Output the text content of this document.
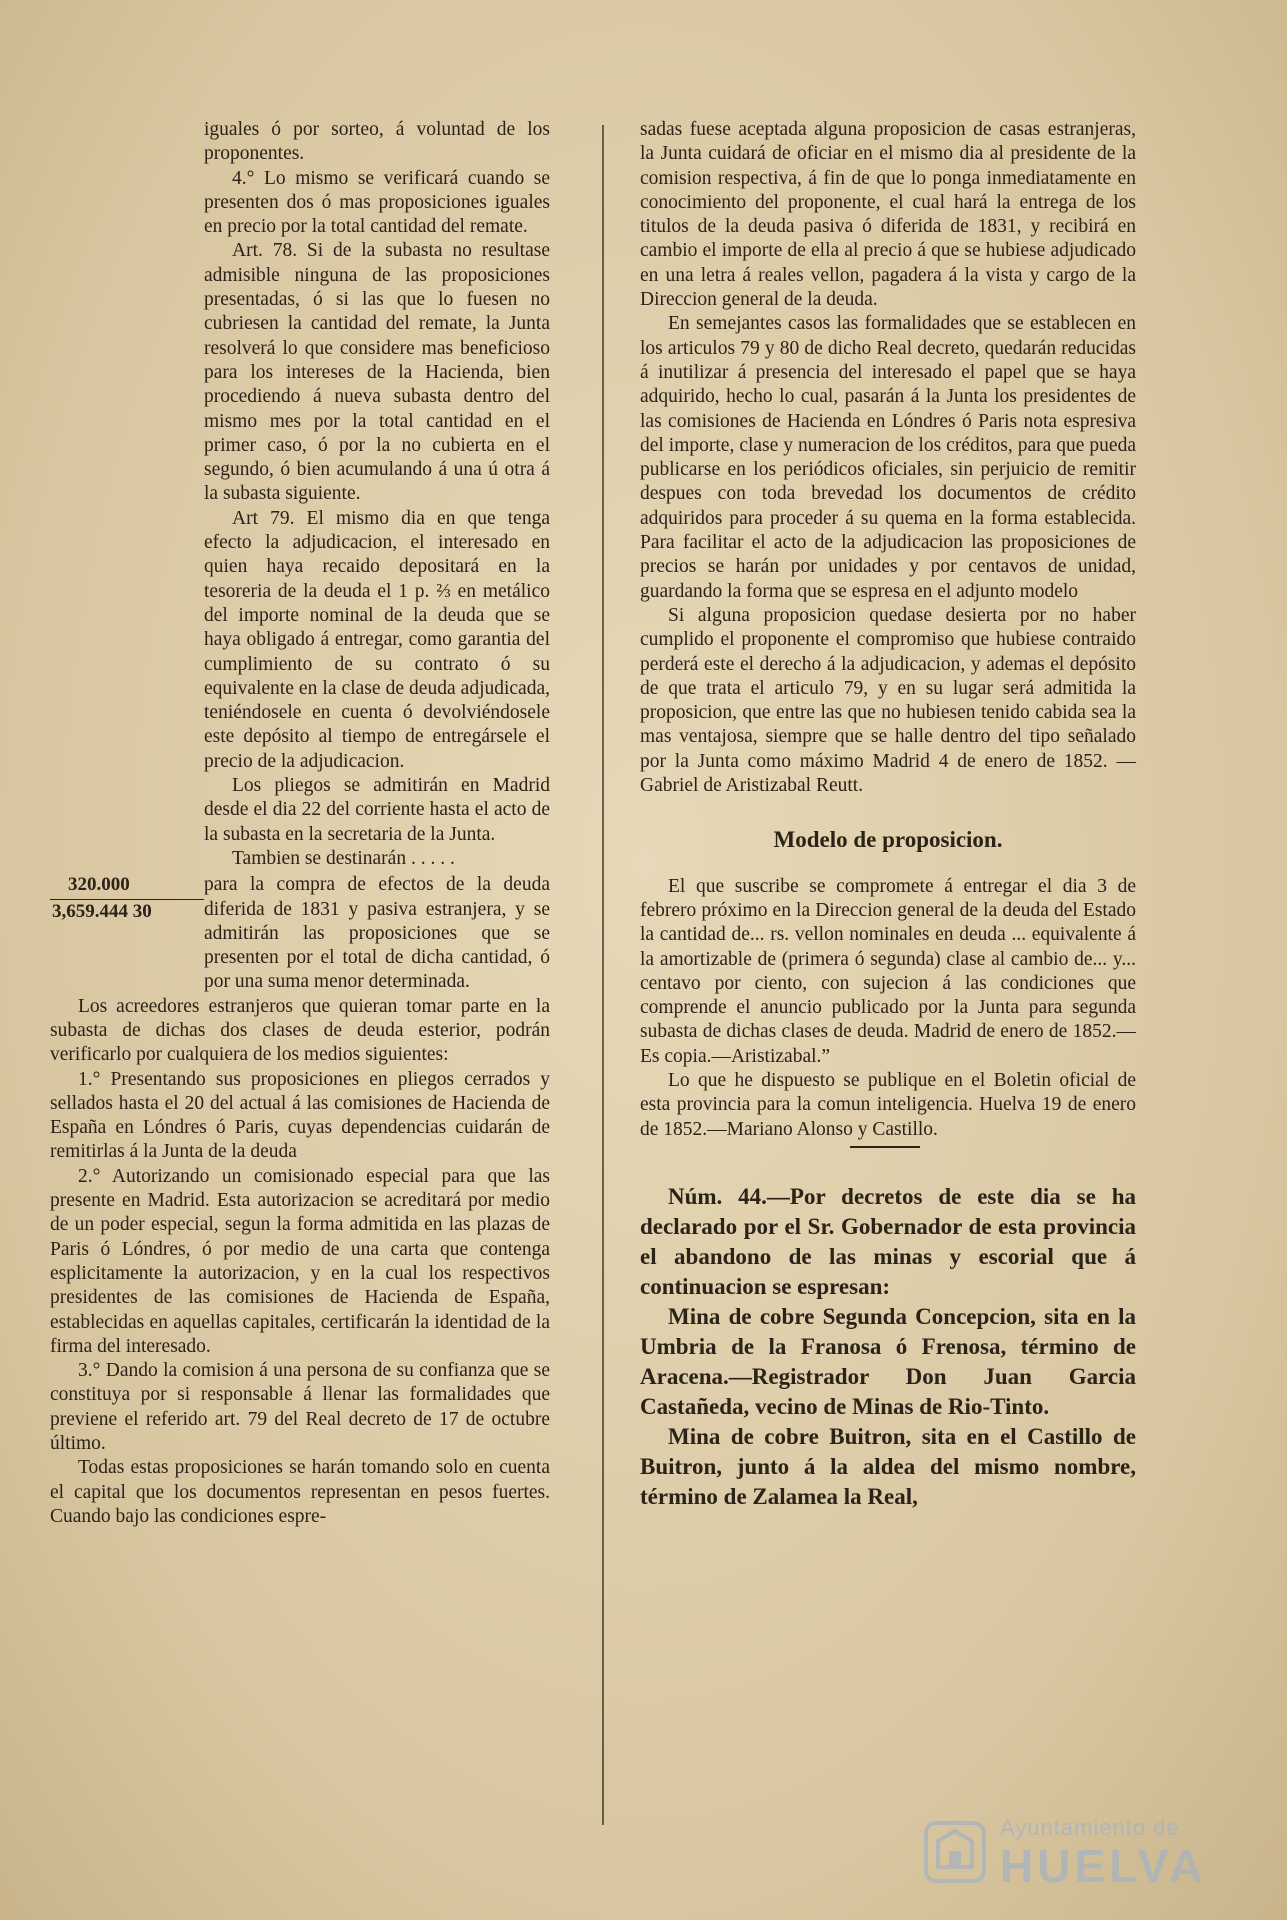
iguales ó por sorteo, á voluntad de los proponentes.

4.° Lo mismo se verificará cuando se presenten dos ó mas proposiciones iguales en precio por la total cantidad del remate.

Art. 78. Si de la subasta no resultase admisible ninguna de las proposiciones presentadas, ó si las que lo fuesen no cubriesen la cantidad del remate, la Junta resolverá lo que considere mas beneficioso para los intereses de la Hacienda, bien procediendo á nueva subasta dentro del mismo mes por la total cantidad en el primer caso, ó por la no cubierta en el segundo, ó bien acumulando á una ú otra á la subasta siguiente.

Art 79. El mismo dia en que tenga efecto la adjudicacion, el interesado en quien haya recaido depositará en la tesoreria de la deuda el 1 p. ⅔ en metálico del importe nominal de la deuda que se haya obligado á entregar, como garantia del cumplimiento de su contrato ó su equivalente en la clase de deuda adjudicada, teniéndosele en cuenta ó devolviéndosele este depósito al tiempo de entregársele el precio de la adjudicacion.

Los pliegos se admitirán en Madrid desde el dia 22 del corriente hasta el acto de la subasta en la secretaria de la Junta.

Tambien se destinarán . . . . .

320.000
3,659.444 30

para la compra de efectos de la deuda diferida de 1831 y pasiva estranjera, y se admitirán las proposiciones que se presenten por el total de dicha cantidad, ó por una suma menor determinada.

Los acreedores estranjeros que quieran tomar parte en la subasta de dichas dos clases de deuda esterior, podrán verificarlo por cualquiera de los medios siguientes:

1.° Presentando sus proposiciones en pliegos cerrados y sellados hasta el 20 del actual á las comisiones de Hacienda de España en Lóndres ó Paris, cuyas dependencias cuidarán de remitirlas á la Junta de la deuda

2.° Autorizando un comisionado especial para que las presente en Madrid. Esta autorizacion se acreditará por medio de un poder especial, segun la forma admitida en las plazas de Paris ó Lóndres, ó por medio de una carta que contenga esplicitamente la autorizacion, y en la cual los respectivos presidentes de las comisiones de Hacienda de España, establecidas en aquellas capitales, certificarán la identidad de la firma del interesado.

3.° Dando la comision á una persona de su confianza que se constituya por si responsable á llenar las formalidades que previene el referido art. 79 del Real decreto de 17 de octubre último.

Todas estas proposiciones se harán tomando solo en cuenta el capital que los documentos representan en pesos fuertes. Cuando bajo las condiciones espre-

sadas fuese aceptada alguna proposicion de casas estranjeras, la Junta cuidará de oficiar en el mismo dia al presidente de la comision respectiva, á fin de que lo ponga inmediatamente en conocimiento del proponente, el cual hará la entrega de los titulos de la deuda pasiva ó diferida de 1831, y recibirá en cambio el importe de ella al precio á que se hubiese adjudicado en una letra á reales vellon, pagadera á la vista y cargo de la Direccion general de la deuda.

En semejantes casos las formalidades que se establecen en los articulos 79 y 80 de dicho Real decreto, quedarán reducidas á inutilizar á presencia del interesado el papel que se haya adquirido, hecho lo cual, pasarán á la Junta los presidentes de las comisiones de Hacienda en Lóndres ó Paris nota espresiva del importe, clase y numeracion de los créditos, para que pueda publicarse en los periódicos oficiales, sin perjuicio de remitir despues con toda brevedad los documentos de crédito adquiridos para proceder á su quema en la forma establecida. Para facilitar el acto de la adjudicacion las proposiciones de precios se harán por unidades y por centavos de unidad, guardando la forma que se espresa en el adjunto modelo

Si alguna proposicion quedase desierta por no haber cumplido el proponente el compromiso que hubiese contraido perderá este el derecho á la adjudicacion, y ademas el depósito de que trata el articulo 79, y en su lugar será admitida la proposicion, que entre las que no hubiesen tenido cabida sea la mas ventajosa, siempre que se halle dentro del tipo señalado por la Junta como máximo Madrid 4 de enero de 1852. —Gabriel de Aristizabal Reutt.

Modelo de proposicion.

El que suscribe se compromete á entregar el dia 3 de febrero próximo en la Direccion general de la deuda del Estado la cantidad de... rs. vellon nominales en deuda ... equivalente á la amortizable de (primera ó segunda) clase al cambio de... y... centavo por ciento, con sujecion á las condiciones que comprende el anuncio publicado por la Junta para segunda subasta de dichas clases de deuda. Madrid de enero de 1852.—Es copia.—Aristizabal.”

Lo que he dispuesto se publique en el Boletin oficial de esta provincia para la comun inteligencia. Huelva 19 de enero de 1852.—Mariano Alonso y Castillo.

Núm. 44.—Por decretos de este dia se ha declarado por el Sr. Gobernador de esta provincia el abandono de las minas y escorial que á continuacion se espresan:

Mina de cobre Segunda Concepcion, sita en la Umbria de la Franosa ó Frenosa, término de Aracena.—Registrador Don Juan Garcia Castañeda, vecino de Minas de Rio-Tinto.

Mina de cobre Buitron, sita en el Castillo de Buitron, junto á la aldea del mismo nombre, término de Zalamea la Real,

Ayuntamiento de
HUELVA
